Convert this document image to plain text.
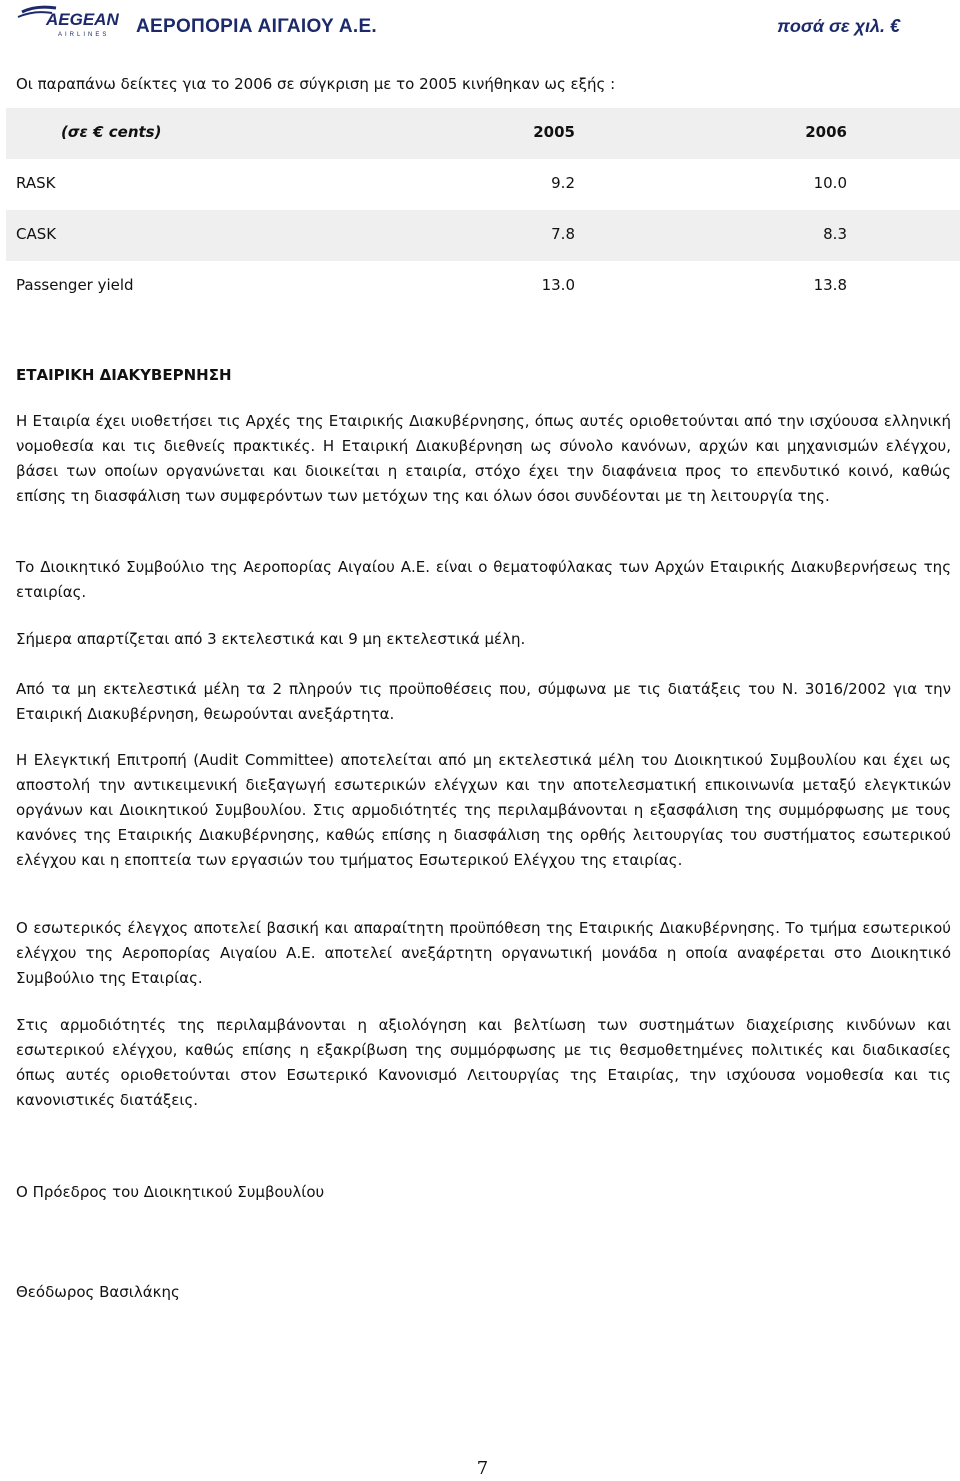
AEGEAN
AIRLINES ΑΕΡΟΠΟΡΙΑ ΑΙΓΑΙΟΥ Α.Ε.	ποσά σε χιλ. €

Οι παραπάνω δείκτες για το 2006 σε σύγκριση με το 2005 κινήθηκαν ως εξής :

(σε € cents)	2005	2006
RASK	9.2	10.0
CASK	7.8	8.3
Passenger yield	13.0	13.8
ΕΤΑΙΡΙΚΗ ΔΙΑΚΥΒΕΡΝΗΣΗ

Η Εταιρία έχει υιοθετήσει τις Αρχές της Εταιρικής Διακυβέρνησης, όπως αυτές οριοθετούνται από την ισχύουσα ελληνική νομοθεσία και τις διεθνείς πρακτικές. Η Εταιρική Διακυβέρνηση ως σύνολο κανόνων, αρχών και μηχανισμών ελέγχου, βάσει των οποίων οργανώνεται και διοικείται η εταιρία, στόχο έχει την διαφάνεια προς το επενδυτικό κοινό, καθώς επίσης τη διασφάλιση των συμφερόντων των μετόχων της και όλων όσοι συνδέονται με τη λειτουργία της.

Το Διοικητικό Συμβούλιο της Αεροπορίας Αιγαίου Α.Ε. είναι ο θεματοφύλακας των Αρχών Εταιρικής Διακυβερνήσεως της εταιρίας.

Σήμερα απαρτίζεται από 3 εκτελεστικά και 9 μη εκτελεστικά μέλη.

Από τα μη εκτελεστικά μέλη τα 2 πληρούν τις προϋποθέσεις που, σύμφωνα με τις διατάξεις του Ν. 3016/2002 για την Εταιρική Διακυβέρνηση, θεωρούνται ανεξάρτητα.

Η Ελεγκτική Επιτροπή (Audit Committee) αποτελείται από μη εκτελεστικά μέλη του Διοικητικού Συμβουλίου και έχει ως αποστολή την αντικειμενική διεξαγωγή εσωτερικών ελέγχων και την αποτελεσματική επικοινωνία μεταξύ ελεγκτικών οργάνων και Διοικητικού Συμβουλίου. Στις αρμοδιότητές της περιλαμβάνονται η εξασφάλιση της συμμόρφωσης με τους κανόνες της Εταιρικής Διακυβέρνησης, καθώς επίσης η διασφάλιση της ορθής λειτουργίας του συστήματος εσωτερικού ελέγχου και η εποπτεία των εργασιών του τμήματος Εσωτερικού Ελέγχου της εταιρίας.

Ο εσωτερικός έλεγχος αποτελεί βασική και απαραίτητη προϋπόθεση της Εταιρικής Διακυβέρνησης. Το τμήμα εσωτερικού ελέγχου της Αεροπορίας Αιγαίου Α.Ε. αποτελεί ανεξάρτητη οργανωτική μονάδα η οποία αναφέρεται στο Διοικητικό Συμβούλιο της Εταιρίας.

Στις αρμοδιότητές της περιλαμβάνονται η αξιολόγηση και βελτίωση των συστημάτων διαχείρισης κινδύνων και εσωτερικού ελέγχου, καθώς επίσης η εξακρίβωση της συμμόρφωσης με τις θεσμοθετημένες πολιτικές και διαδικασίες όπως αυτές οριοθετούνται στον Εσωτερικό Κανονισμό Λειτουργίας της Εταιρίας, την ισχύουσα νομοθεσία και τις κανονιστικές διατάξεις.

Ο Πρόεδρος του Διοικητικού Συμβουλίου

Θεόδωρος Βασιλάκης

7
